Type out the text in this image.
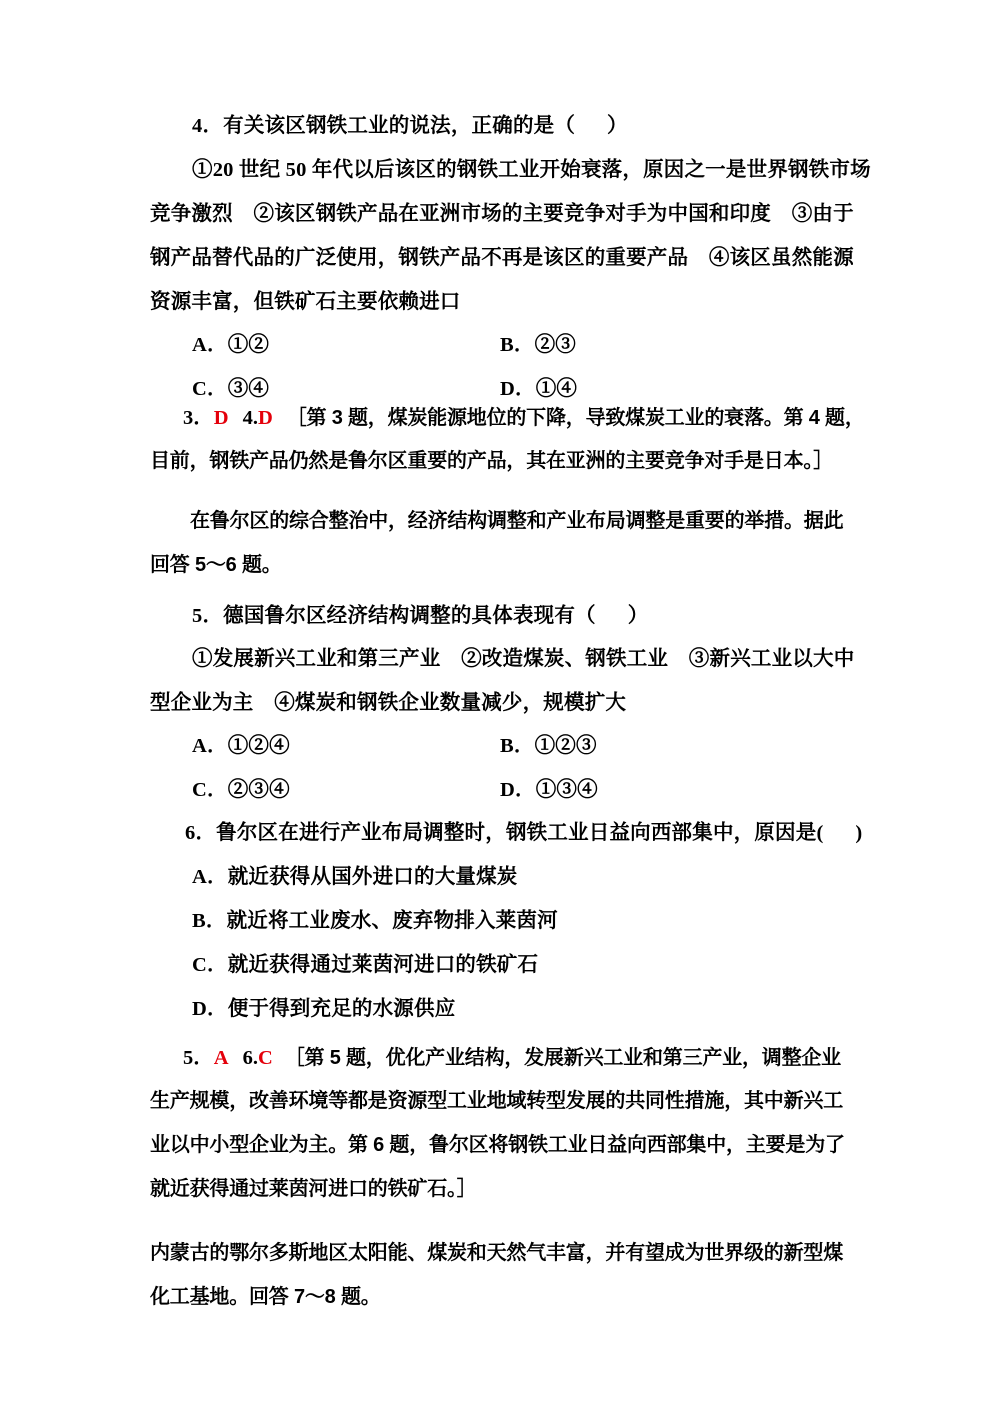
4．有关该区钢铁工业的说法，正确的是（      ）
①20 世纪 50 年代以后该区的钢铁工业开始衰落，原因之一是世界钢铁市场
竞争激烈　②该区钢铁产品在亚洲市场的主要竞争对手为中国和印度　③由于
钢产品替代品的广泛使用，钢铁产品不再是该区的重要产品　④该区虽然能源
资源丰富，但铁矿石主要依赖进口
A．①②	B．②③
C．③④	D．①④
3．D 4.D ［第 3 题，煤炭能源地位的下降，导致煤炭工业的衰落。第 4 题，
目前，钢铁产品仍然是鲁尔区重要的产品，其在亚洲的主要竞争对手是日本。］
在鲁尔区的综合整治中，经济结构调整和产业布局调整是重要的举措。据此
回答 5～6 题。
5．德国鲁尔区经济结构调整的具体表现有（      ）
①发展新兴工业和第三产业　②改造煤炭、钢铁工业　③新兴工业以大中
型企业为主　④煤炭和钢铁企业数量减少，规模扩大
A．①②④	B．①②③
C．②③④	D．①③④
6．鲁尔区在进行产业布局调整时，钢铁工业日益向西部集中，原因是(      )
A．就近获得从国外进口的大量煤炭
B．就近将工业废水、废弃物排入莱茵河
C．就近获得通过莱茵河进口的铁矿石
D．便于得到充足的水源供应
5．A 6.C ［第 5 题，优化产业结构，发展新兴工业和第三产业，调整企业
生产规模，改善环境等都是资源型工业地域转型发展的共同性措施，其中新兴工
业以中小型企业为主。第 6 题，鲁尔区将钢铁工业日益向西部集中，主要是为了
就近获得通过莱茵河进口的铁矿石。］
内蒙古的鄂尔多斯地区太阳能、煤炭和天然气丰富，并有望成为世界级的新型煤
化工基地。回答 7～8 题。
